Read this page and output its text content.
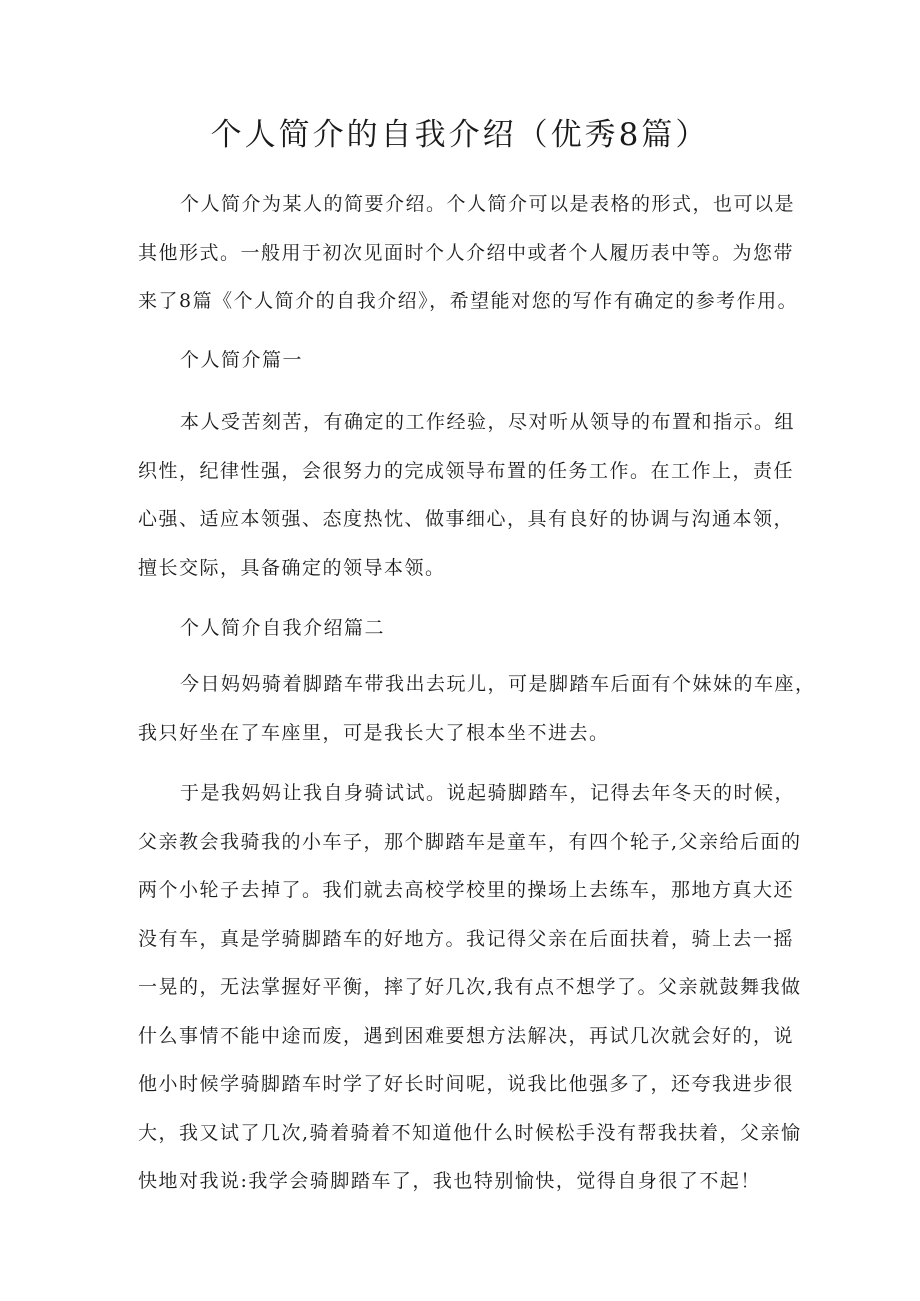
个人简介的自我介绍（优秀8篇）
个人简介为某人的简要介绍。个人简介可以是表格的形式，也可以是
其他形式。一般用于初次见面时个人介绍中或者个人履历表中等。为您带
来了8篇《个人简介的自我介绍》，希望能对您的写作有确定的参考作用。
个人简介篇一
本人受苦刻苦，有确定的工作经验，尽对听从领导的布置和指示。组
织性，纪律性强，会很努力的完成领导布置的任务工作。在工作上，责任
心强、适应本领强、态度热忱、做事细心，具有良好的协调与沟通本领，
擅长交际，具备确定的领导本领。
个人简介自我介绍篇二
今日妈妈骑着脚踏车带我出去玩儿，可是脚踏车后面有个妹妹的车座，
我只好坐在了车座里，可是我长大了根本坐不进去。
于是我妈妈让我自身骑试试。说起骑脚踏车，记得去年冬天的时候，
父亲教会我骑我的小车子，那个脚踏车是童车，有四个轮子,父亲给后面的
两个小轮子去掉了。我们就去高校学校里的操场上去练车，那地方真大还
没有车，真是学骑脚踏车的好地方。我记得父亲在后面扶着，骑上去一摇
一晃的，无法掌握好平衡，摔了好几次,我有点不想学了。父亲就鼓舞我做
什么事情不能中途而废，遇到困难要想方法解决，再试几次就会好的，说
他小时候学骑脚踏车时学了好长时间呢，说我比他强多了，还夸我进步很
大，我又试了几次,骑着骑着不知道他什么时候松手没有帮我扶着，父亲愉
快地对我说:我学会骑脚踏车了，我也特别愉快，觉得自身很了不起！
